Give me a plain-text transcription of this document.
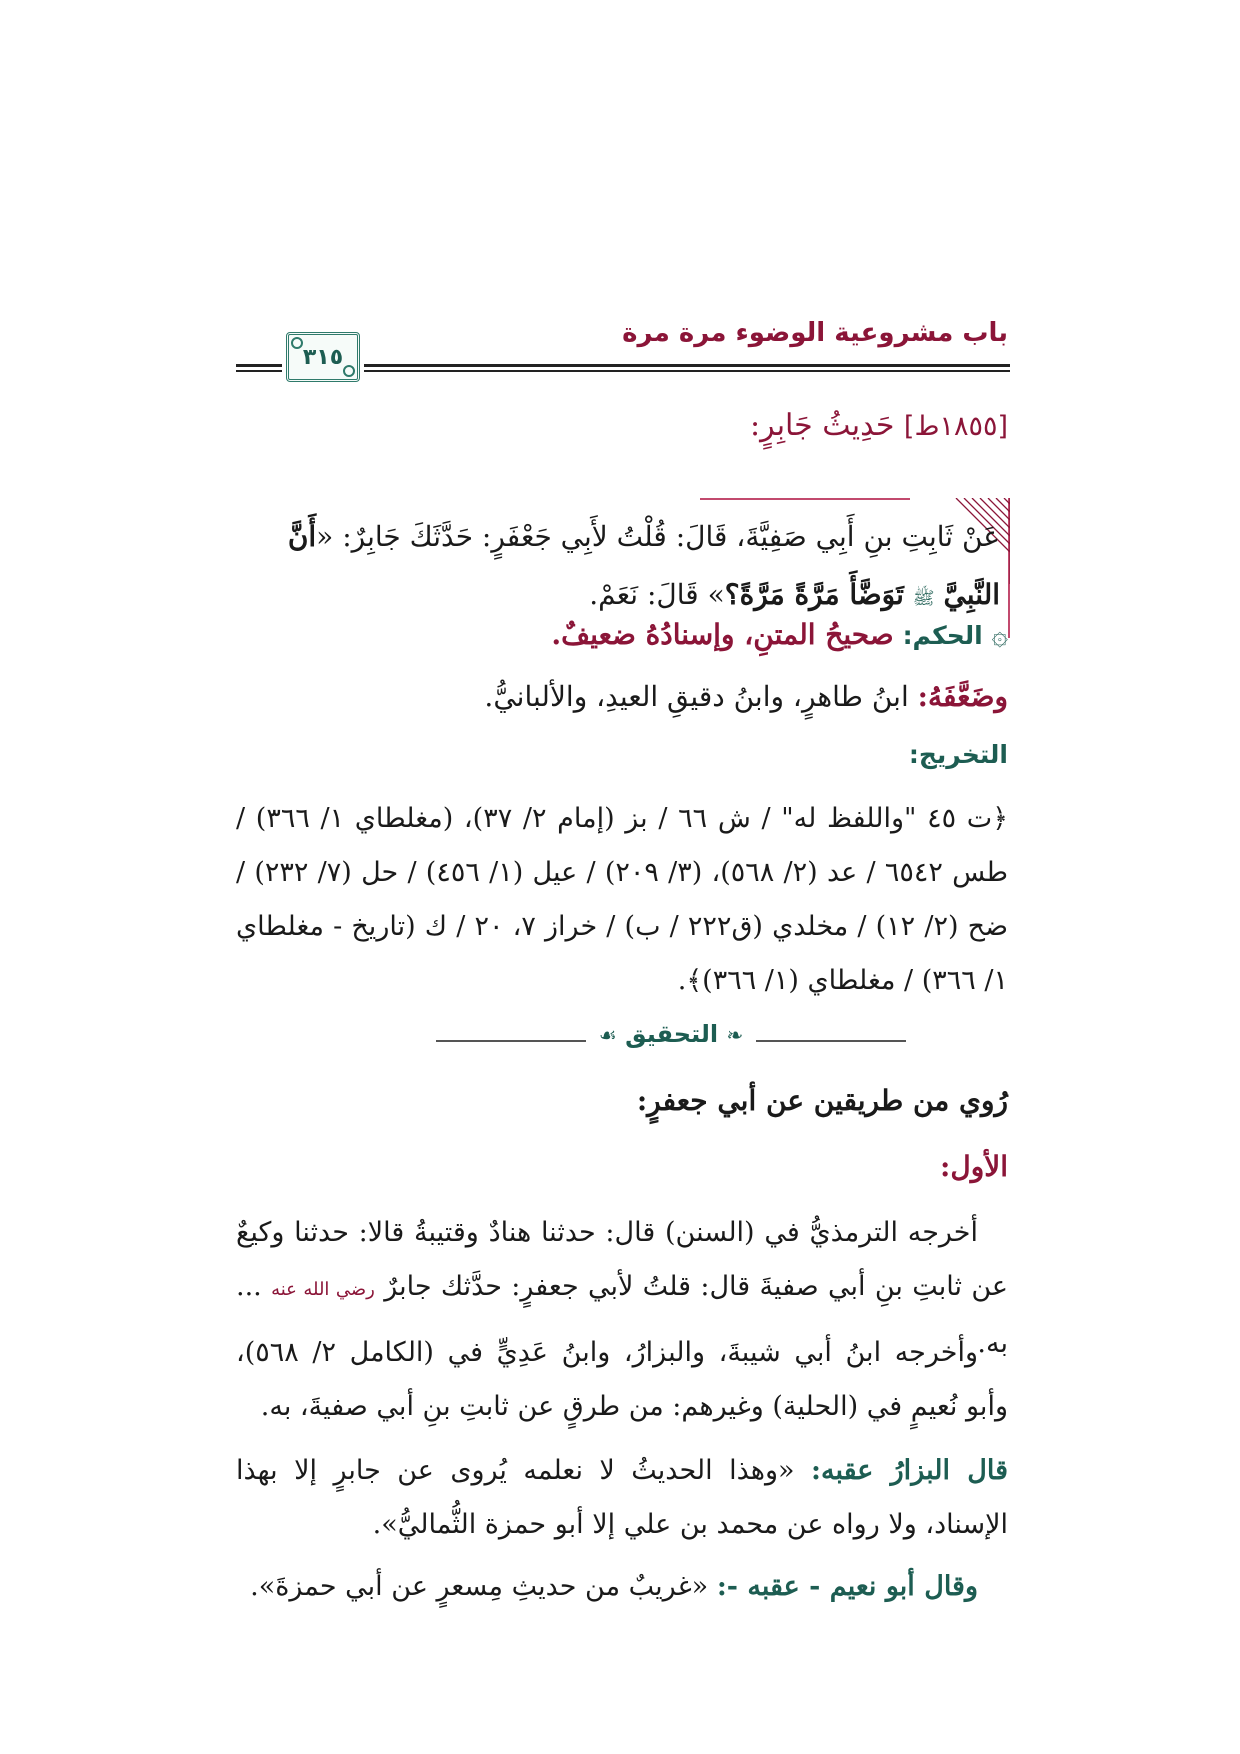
باب مشروعية الوضوء مرة مرة
٣١٥
[١٨٥٥ط] حَدِيثُ جَابِرٍ:
عَنْ ثَابِتِ بنِ أَبِي صَفِيَّةَ، قَالَ: قُلْتُ لأَبِي جَعْفَرٍ: حَدَّثَكَ جَابِرٌ: «أَنَّ النَّبِيَّ ﷺ تَوَضَّأَ مَرَّةً مَرَّةً؟» قَالَ: نَعَمْ.
۞ الحكم: صحيحُ المتنِ، وإسنادُهُ ضعيفٌ.
وضَعَّفَهُ: ابنُ طاهرٍ، وابنُ دقيقِ العيدِ، والألبانيُّ.
التخريج:
﴿ت ٤٥ "واللفظ له" / ش ٦٦ / بز (إمام ٢/ ٣٧)، (مغلطاي ١/ ٣٦٦) / طس ٦٥٤٢ / عد (٢/ ٥٦٨)، (٣/ ٢٠٩) / عيل (١/ ٤٥٦) / حل (٧/ ٢٣٢) / ضح (٢/ ١٢) / مخلدي (ق٢٢٢ / ب) / خراز ٧، ٢٠ / ك (تاريخ - مغلطاي ١/ ٣٦٦) / مغلطاي (١/ ٣٦٦)﴾.
❧ التحقيق ☙
رُوي من طريقين عن أبي جعفرٍ:
الأول:
أخرجه الترمذيُّ في (السنن) قال: حدثنا هنادٌ وقتيبةُ قالا: حدثنا وكيعٌ عن ثابتِ بنِ أبي صفيةَ قال: قلتُ لأبي جعفرٍ: حدَّثك جابرٌ رضي الله عنه ... به.
وأخرجه ابنُ أبي شيبةَ، والبزارُ، وابنُ عَدِيٍّ في (الكامل ٢/ ٥٦٨)، وأبو نُعيمٍ في (الحلية) وغيرهم: من طرقٍ عن ثابتِ بنِ أبي صفيةَ، به.
قال البزارُ عقبه: «وهذا الحديثُ لا نعلمه يُروى عن جابرٍ إلا بهذا الإسناد، ولا رواه عن محمد بن علي إلا أبو حمزة الثُّماليُّ».
وقال أبو نعيم - عقبه -: «غريبٌ من حديثِ مِسعرٍ عن أبي حمزةَ».
